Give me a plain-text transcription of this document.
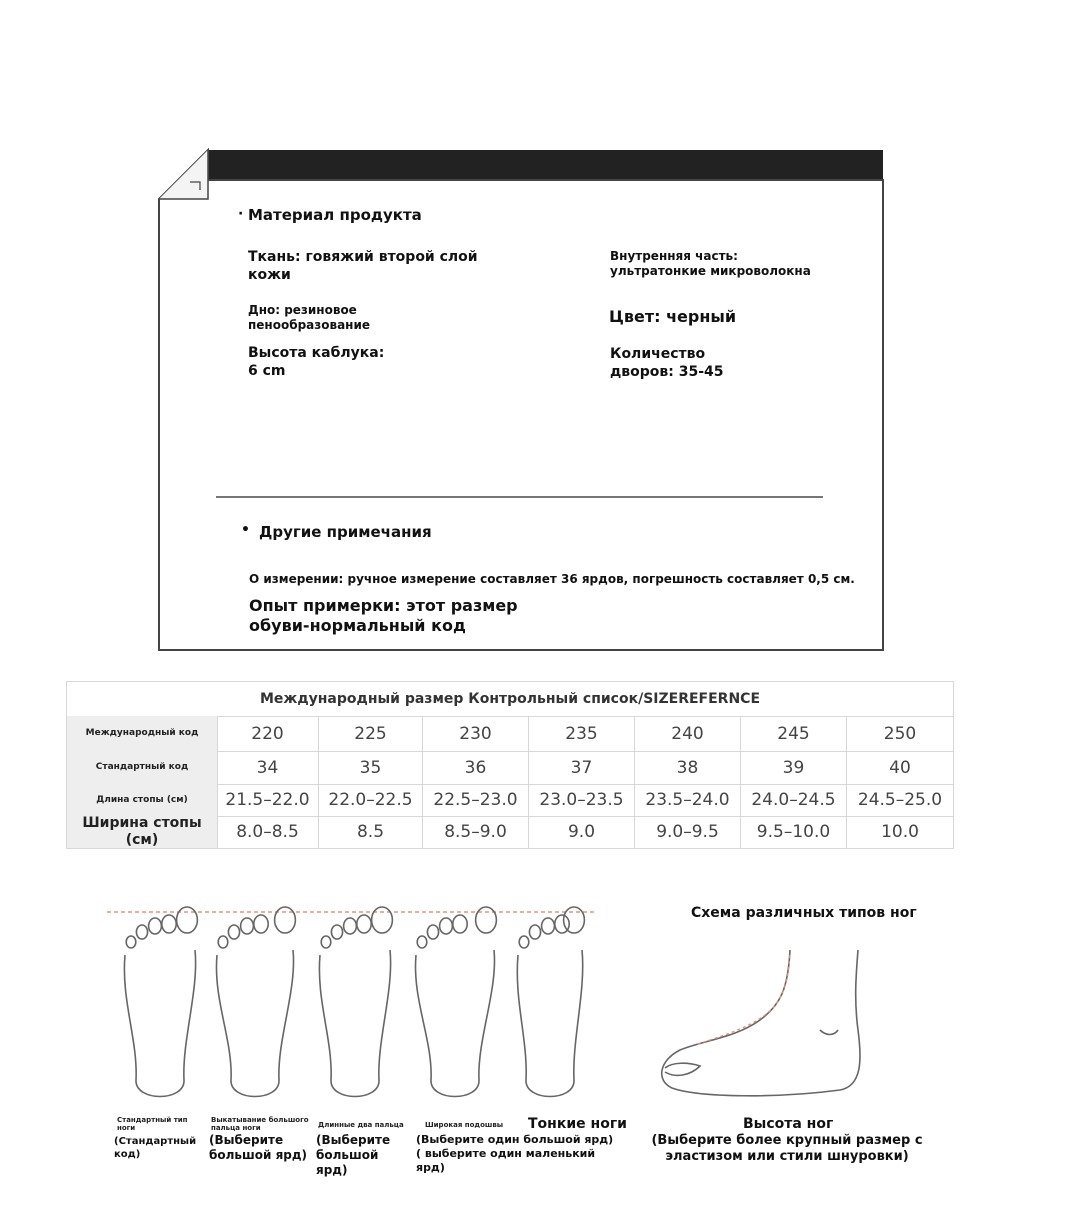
· Материал продукта
Ткань: говяжий второй слой кожи
Внутренняя часть:
ультратонкие микроволокна
Дно: резиновое пенообразование	Цвет: черный
Высота каблука: 6 cm
Количество дворов: 35-45
• Другие примечания
О измерении: ручное измерение составляет 36 ярдов, погрешность составляет 0,5 см.
Опыт примерки: этот размер обуви-нормальный код
Международный размер Контрольный список/SIZEREFERNCE
Международный код	220	225	230	235	240	245	250
Стандартный код	34	35	36	37	38	39	40
Длина стопы (см)	21.5–22.0	22.0–22.5	22.5–23.0	23.0–23.5	23.5–24.0	24.0–24.5	24.5–25.0
Ширина стопы (см)	8.0–8.5	8.5	8.5–9.0	9.0	9.0–9.5	9.5–10.0	10.0
Схема различных типов ног
Стандартный тип ноги
(Стандартный код)
Выкатывание большого пальца ноги
(Выберите большой ярд)
Длинные два пальца
(Выберите большой ярд)
Широкая подошвы
(Выберите один большой ярд) ( выберите один маленький ярд)
Тонкие ноги	Высота ног
(Выберите более крупный размер с эластизом или стили шнуровки)
